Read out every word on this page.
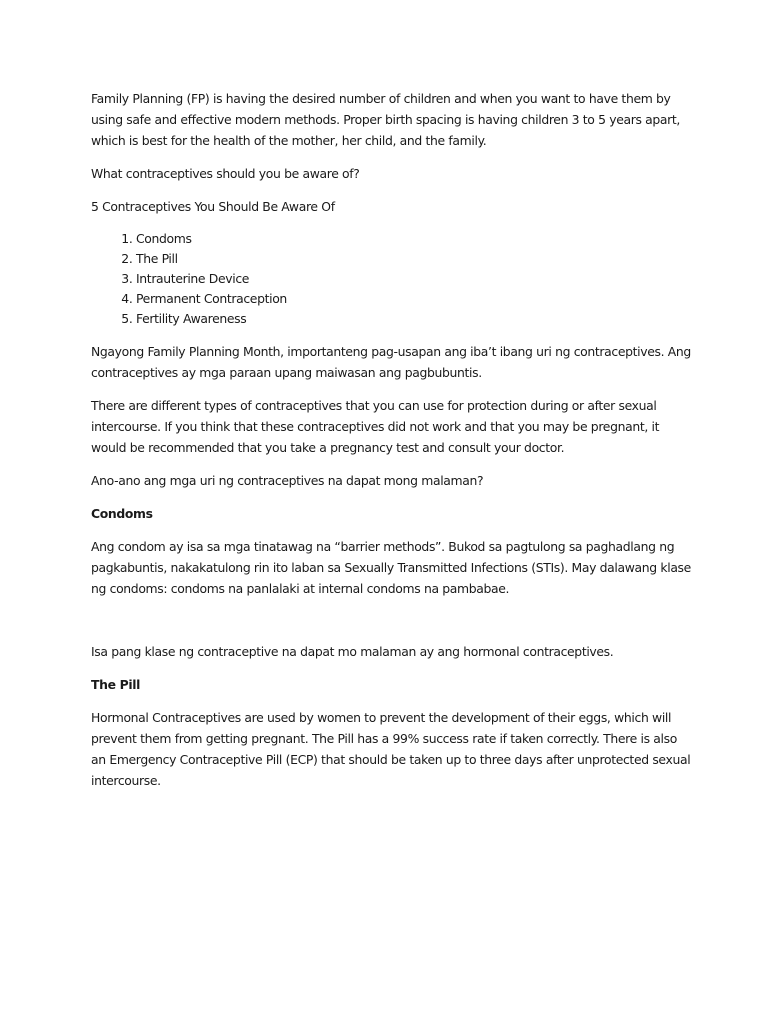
Family Planning (FP) is having the desired number of children and when you want to have them by using safe and effective modern methods. Proper birth spacing is having children 3 to 5 years apart, which is best for the health of the mother, her child, and the family.

What contraceptives should you be aware of?

5 Contraceptives You Should Be Aware Of

1. Condoms
2. The Pill
3. Intrauterine Device
4. Permanent Contraception
5. Fertility Awareness

Ngayong Family Planning Month, importanteng pag-usapan ang iba’t ibang uri ng contraceptives. Ang contraceptives ay mga paraan upang maiwasan ang pagbubuntis.

There are different types of contraceptives that you can use for protection during or after sexual intercourse. If you think that these contraceptives did not work and that you may be pregnant, it would be recommended that you take a pregnancy test and consult your doctor.

Ano-ano ang mga uri ng contraceptives na dapat mong malaman?

Condoms

Ang condom ay isa sa mga tinatawag na “barrier methods”. Bukod sa pagtulong sa paghadlang ng pagkabuntis, nakakatulong rin ito laban sa Sexually Transmitted Infections (STIs). May dalawang klase ng condoms: condoms na panlalaki at internal condoms na pambabae.

Isa pang klase ng contraceptive na dapat mo malaman ay ang hormonal contraceptives.

The Pill

Hormonal Contraceptives are used by women to prevent the development of their eggs, which will prevent them from getting pregnant. The Pill has a 99% success rate if taken correctly. There is also an Emergency Contraceptive Pill (ECP) that should be taken up to three days after unprotected sexual intercourse.
